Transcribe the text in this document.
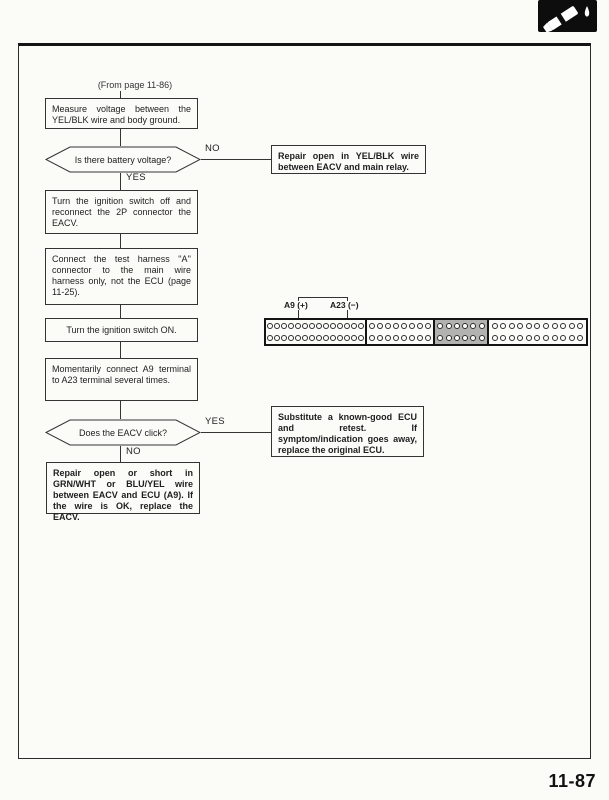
(From page 11-86)
Measure voltage between the YEL/BLK wire and body ground.
Turn the ignition switch off and reconnect the 2P connector the EACV.
Connect the test harness ''A'' connector to the main wire harness only, not the ECU (page 11-25).
Turn the ignition switch ON.
Momentarily connect A9 terminal to A23 terminal several times.
Repair open or short in GRN/WHT or BLU/YEL wire between EACV and ECU (A9). If the wire is OK, replace the EACV.
Repair open in YEL/BLK wire between EACV and main relay.
Substitute a known-good ECU and retest. If symptom/indication goes away, replace the original ECU.
Is there battery voltage?
Does the EACV click?
NO
YES
YES
NO
A9 (+)	A23 (−)
11-87
